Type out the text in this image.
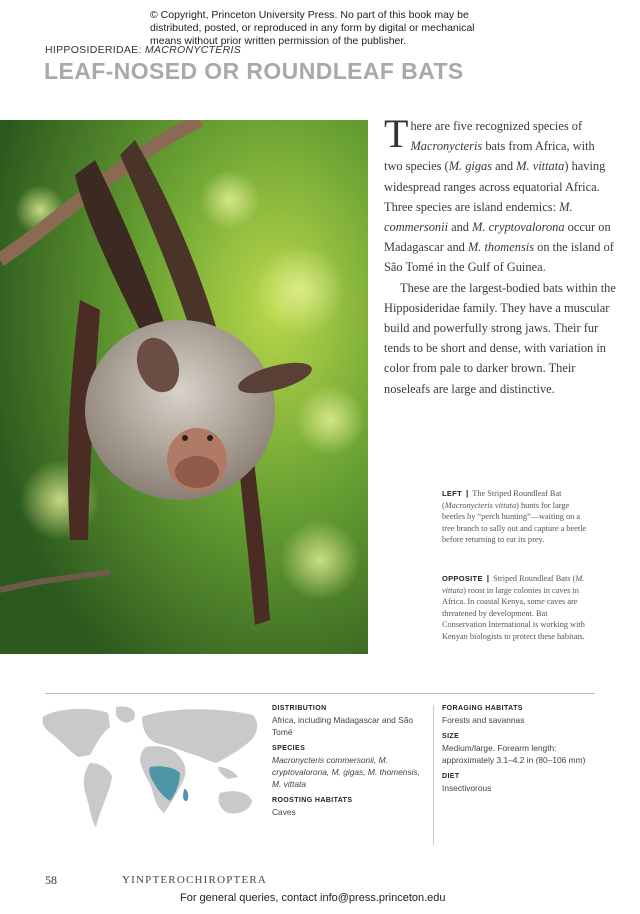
© Copyright, Princeton University Press. No part of this book may be distributed, posted, or reproduced in any form by digital or mechanical means without prior written permission of the publisher.
HIPPOSIDERIDAE: MACRONYCTERIS
LEAF-NOSED OR ROUNDLEAF BATS

There are five recognized species of Macronycteris bats from Africa, with two species (M. gigas and M. vittata) having widespread ranges across equatorial Africa. Three species are island endemics: M. commersonii and M. cryptovalorona occur on Madagascar and M. thomensis on the island of São Tomé in the Gulf of Guinea.

These are the largest-bodied bats within the Hipposideridae family. They have a muscular build and powerfully strong jaws. Their fur tends to be short and dense, with variation in color from pale to darker brown. Their noseleafs are large and distinctive.

LEFT | The Striped Roundleaf Bat (Macronycteris vittata) hunts for large beetles by “perch hunting”—waiting on a tree branch to sally out and capture a beetle before returning to eat its prey.
OPPOSITE | Striped Roundleaf Bats (M. vittata) roost in large colonies in caves in Africa. In coastal Kenya, some caves are threatened by development. Bat Conservation International is working with Kenyan biologists to protect these habitats.
DISTRIBUTION
Africa, including Madagascar and São Tomé
SPECIES
Macronycteris commersonii, M. cryptovalorona, M. gigas, M. thomensis, M. vittata
ROOSTING HABITATS
Caves
FORAGING HABITATS
Forests and savannas
SIZE
Medium/large. Forearm length: approximately 3.1–4.2 in (80–106 mm)
DIET
Insectivorous
58	YINPTEROCHIROPTERA
For general queries, contact info@press.princeton.edu
